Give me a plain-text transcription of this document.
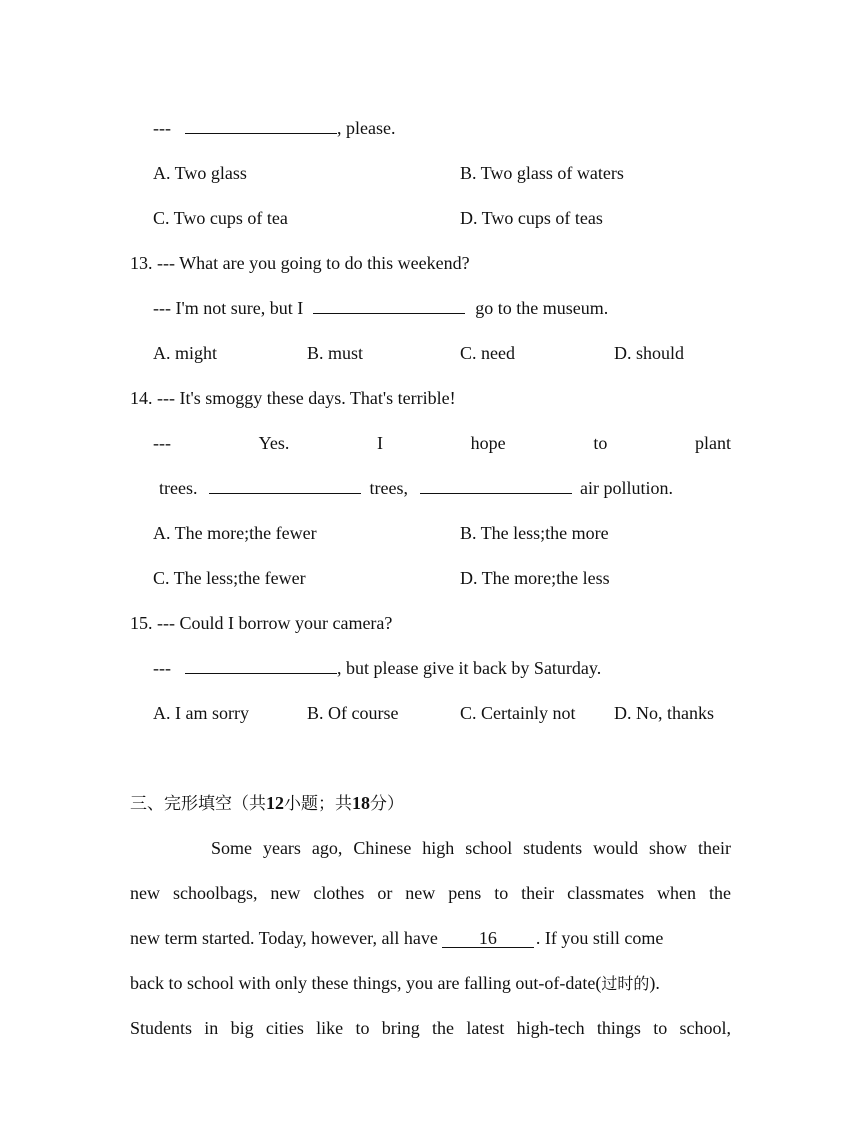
---	, please.
A. Two glass	B. Two glass of waters
C. Two cups of tea	D. Two cups of teas
13. --- What are you going to do this weekend?
--- I'm not sure, but I	go to the museum.
A. might	B. must	C. need	D. should
14. --- It's smoggy these days. That's terrible!
---	Yes.	I	hope	to	plant
trees.	trees,	air pollution.
A. The more;the fewer	B. The less;the more
C. The less;the fewer	D. The more;the less
15. --- Could I borrow your camera?
---	, but please give it back by Saturday.
A. I am sorry	B. Of course	C. Certainly not D. No, thanks
三、完形填空（共12小题；共18分）
Some years ago, Chinese high school students would show their
new schoolbags, new clothes or new pens to their classmates when the
new term started. Today, however, all have 16 . If you still come
back to school with only these things, you are falling out-of-date(过时的).
Students in big cities like to bring the latest high-tech things to school,
